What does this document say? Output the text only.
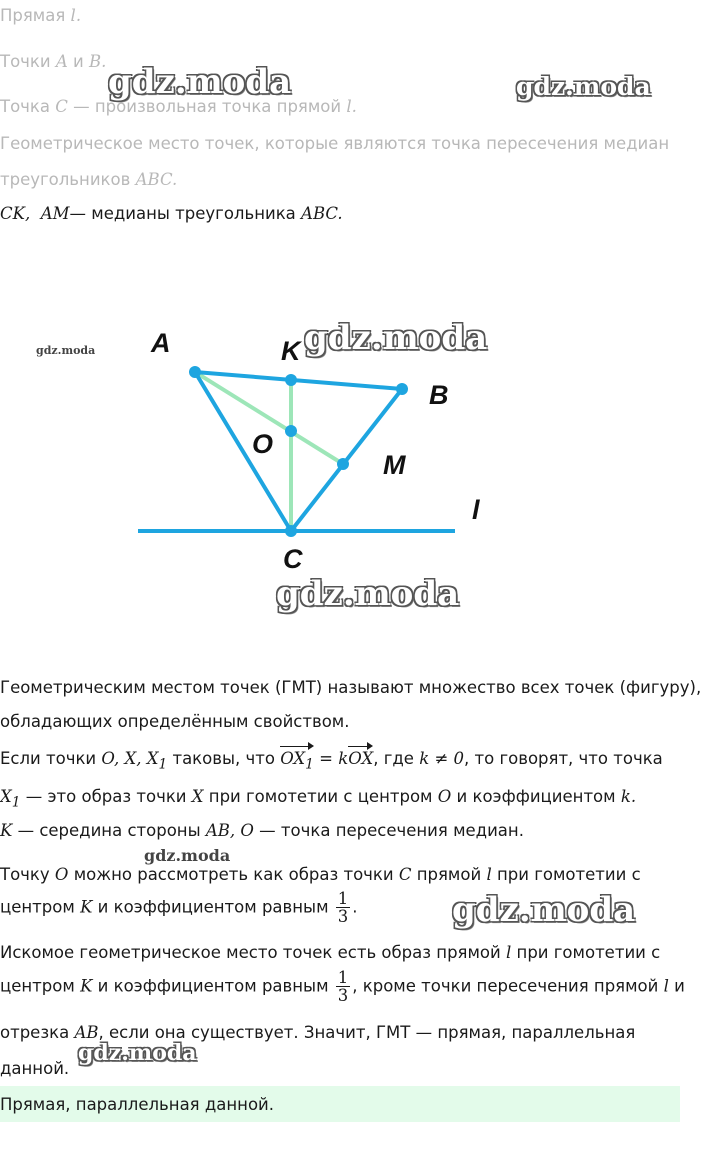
Прямая l.
Точки A и B.
Точка C — произвольная точка прямой l.
Геометрическое место точек, которые являются точка пересечения медиан
треугольников ABC.
CK, AM— медианы треугольника ABC.
A	K
B
O
M
C
l
Геометрическим местом точек (ГМТ) называют множество всех точек (фигуру),
обладающих определённым свойством.
Если точки O, X, $X_1$ таковы, что $OX_1$ = kOX, где k ≠ 0, то говорят, что точка
$X_1$ — это образ точки X при гомотетии с центром O и коэффициентом k.
K — середина стороны AB, O — точка пересечения медиан.
Точку O можно рассмотреть как образ точки C прямой l при гомотетии с
центром K и коэффициентом равным $\frac{1}{3}$ .
Искомое геометрическое место точек есть образ прямой l при гомотетии с
центром K и коэффициентом равным $\frac{1}{3}$ , кроме точки пересечения прямой l и
отрезка AB, если она существует. Значит, ГМТ — прямая, параллельная
данной.
Прямая, параллельная данной.
gdz.moda	gdz.moda
gdz.moda	gdz.moda
gdz.moda
gdz.moda
gdz.moda
gdz.moda
